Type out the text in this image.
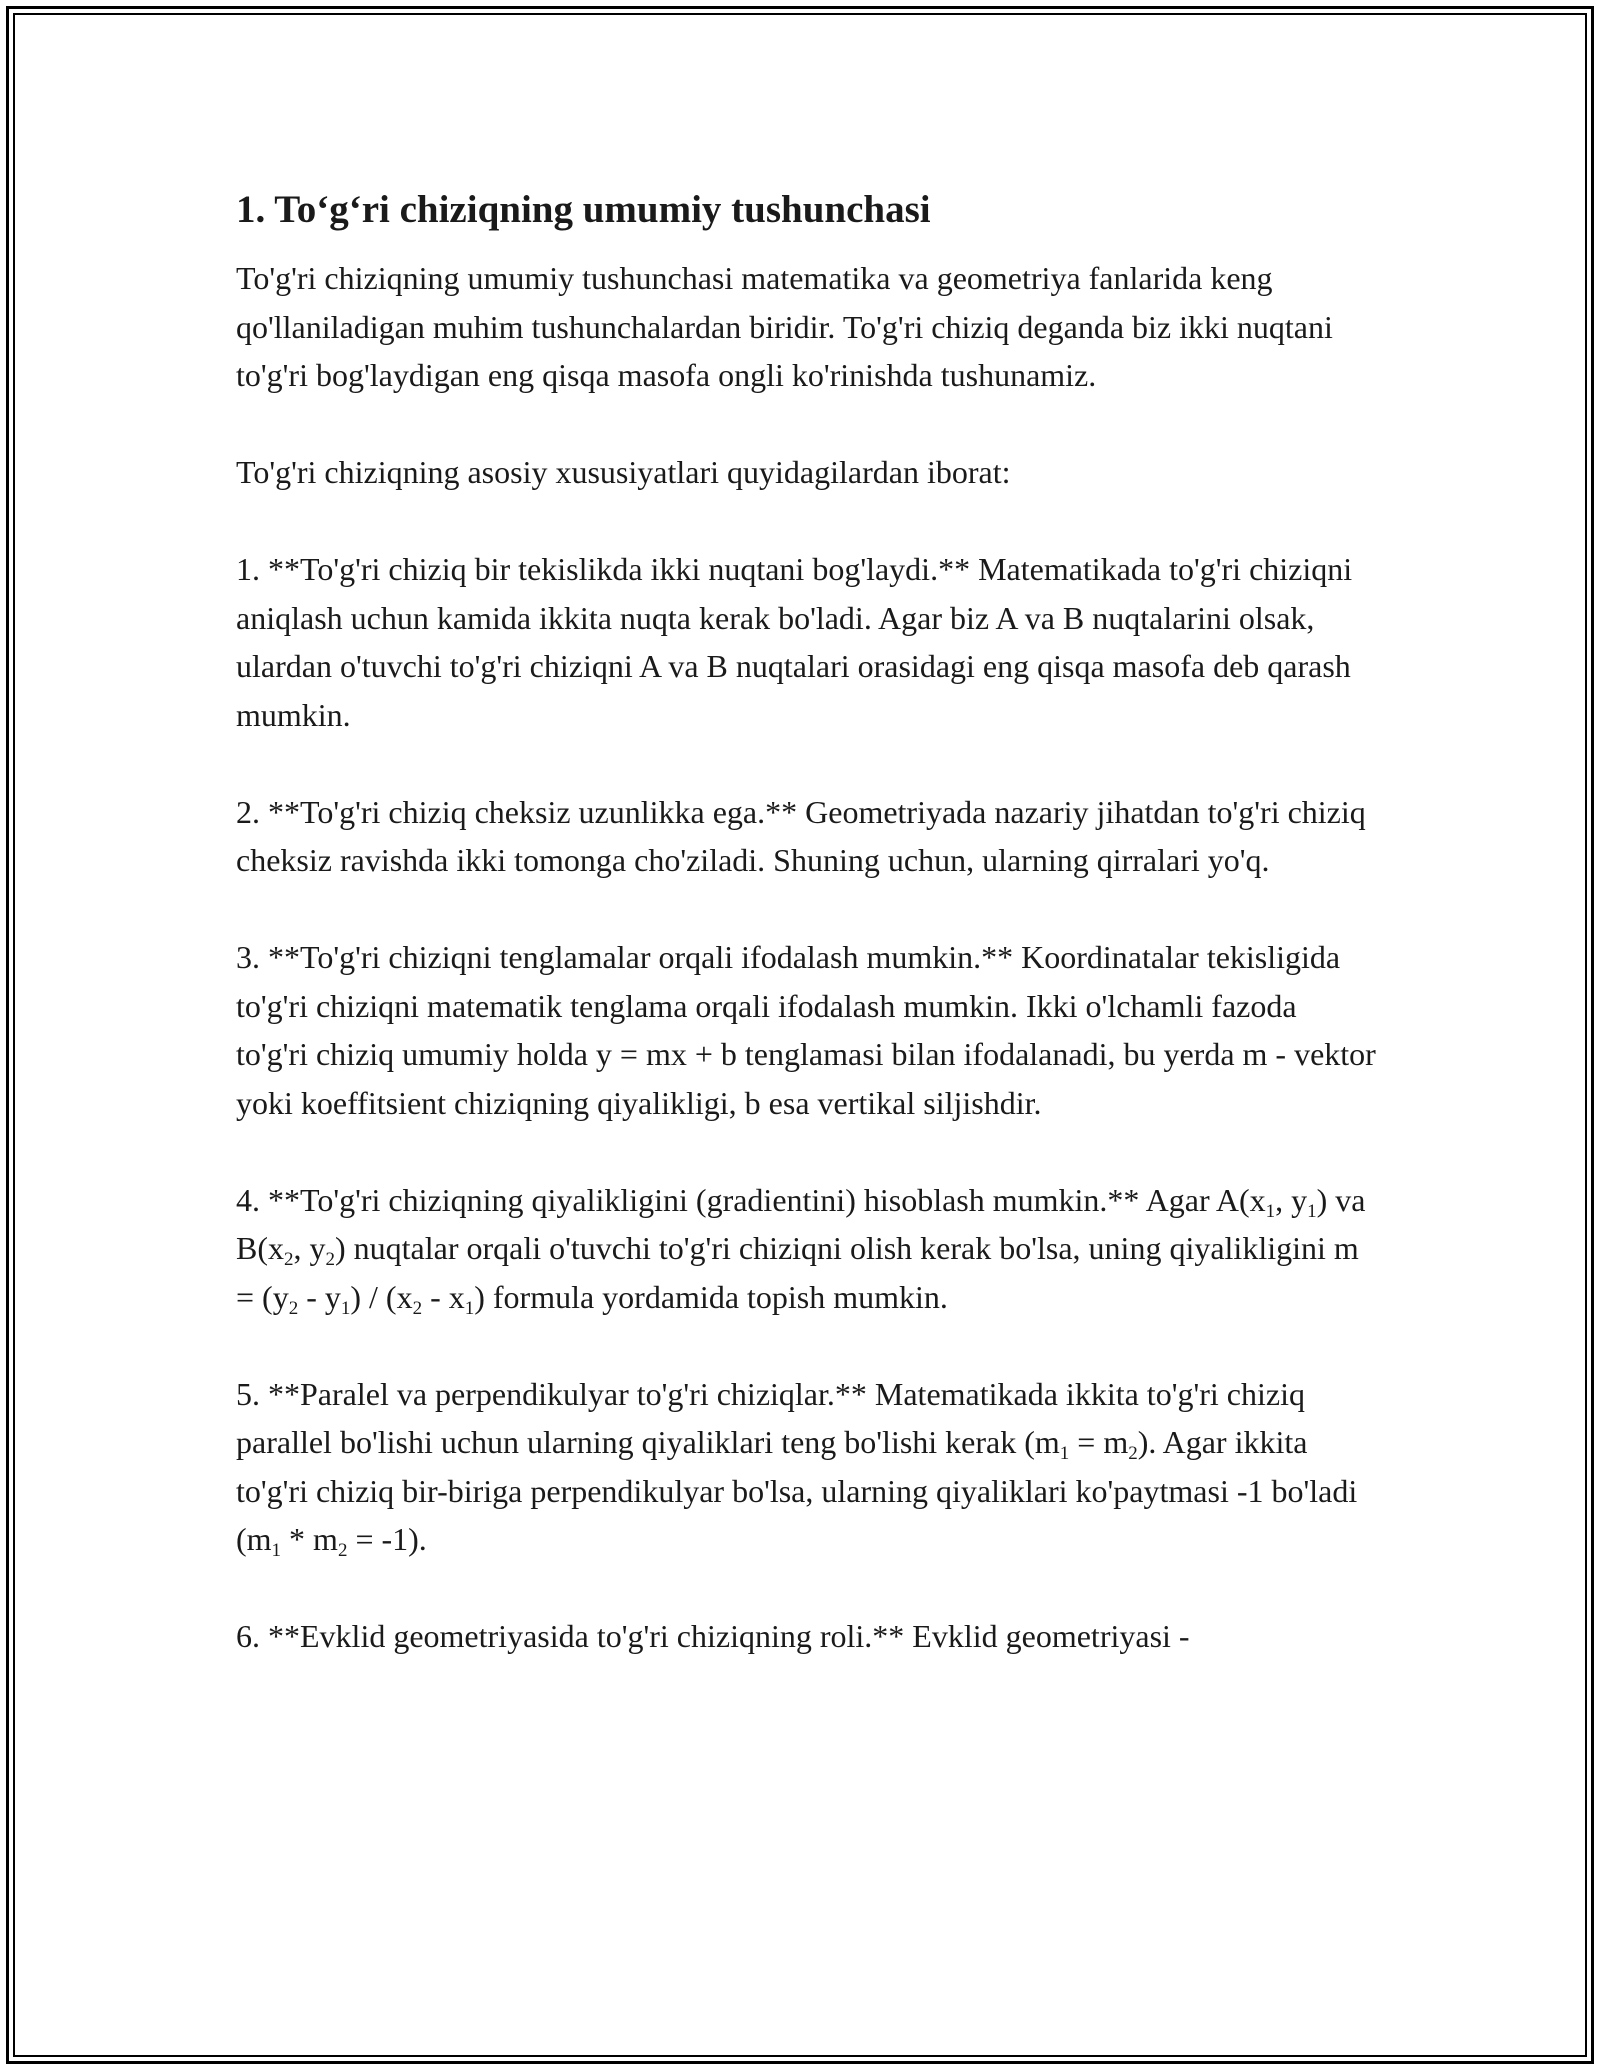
1. To‘g‘ri chiziqning umumiy tushunchasi

To'g'ri chiziqning umumiy tushunchasi matematika va geometriya fanlarida keng qo'llaniladigan muhim tushunchalardan biridir. To'g'ri chiziq deganda biz ikki nuqtani to'g'ri bog'laydigan eng qisqa masofa ongli ko'rinishda tushunamiz.

To'g'ri chiziqning asosiy xususiyatlari quyidagilardan iborat:

1. **To'g'ri chiziq bir tekislikda ikki nuqtani bog'laydi.** Matematikada to'g'ri chiziqni aniqlash uchun kamida ikkita nuqta kerak bo'ladi. Agar biz A va B nuqtalarini olsak, ulardan o'tuvchi to'g'ri chiziqni A va B nuqtalari orasidagi eng qisqa masofa deb qarash mumkin.

2. **To'g'ri chiziq cheksiz uzunlikka ega.** Geometriyada nazariy jihatdan to'g'ri chiziq cheksiz ravishda ikki tomonga cho'ziladi. Shuning uchun, ularning qirralari yo'q.

3. **To'g'ri chiziqni tenglamalar orqali ifodalash mumkin.** Koordinatalar tekisligida to'g'ri chiziqni matematik tenglama orqali ifodalash mumkin. Ikki o'lchamli fazoda to'g'ri chiziq umumiy holda y = mx + b tenglamasi bilan ifodalanadi, bu yerda m - vektor yoki koeffitsient chiziqning qiyalikligi, b esa vertikal siljishdir.

4. **To'g'ri chiziqning qiyalikligini (gradientini) hisoblash mumkin.** Agar $A(x_1$, $y_1$) va $B(x_2$, $y_2$) nuqtalar orqali o'tuvchi to'g'ri chiziqni olish kerak bo'lsa, uning qiyalikligini $m = (y_2 - y_1) / (x_2 - x_1)$ formula yordamida topish mumkin.

5. **Paralel va perpendikulyar to'g'ri chiziqlar.** Matematikada ikkita to'g'ri chiziq parallel bo'lishi uchun ularning qiyaliklari teng bo'lishi kerak $(m_1 = m_2)$. Agar ikkita to'g'ri chiziq bir-biriga perpendikulyar bo'lsa, ularning qiyaliklari ko'paytmasi -1 bo'ladi $(m_1 * m_2 = -1)$.

6. **Evklid geometriyasida to'g'ri chiziqning roli.** Evklid geometriyasi -
